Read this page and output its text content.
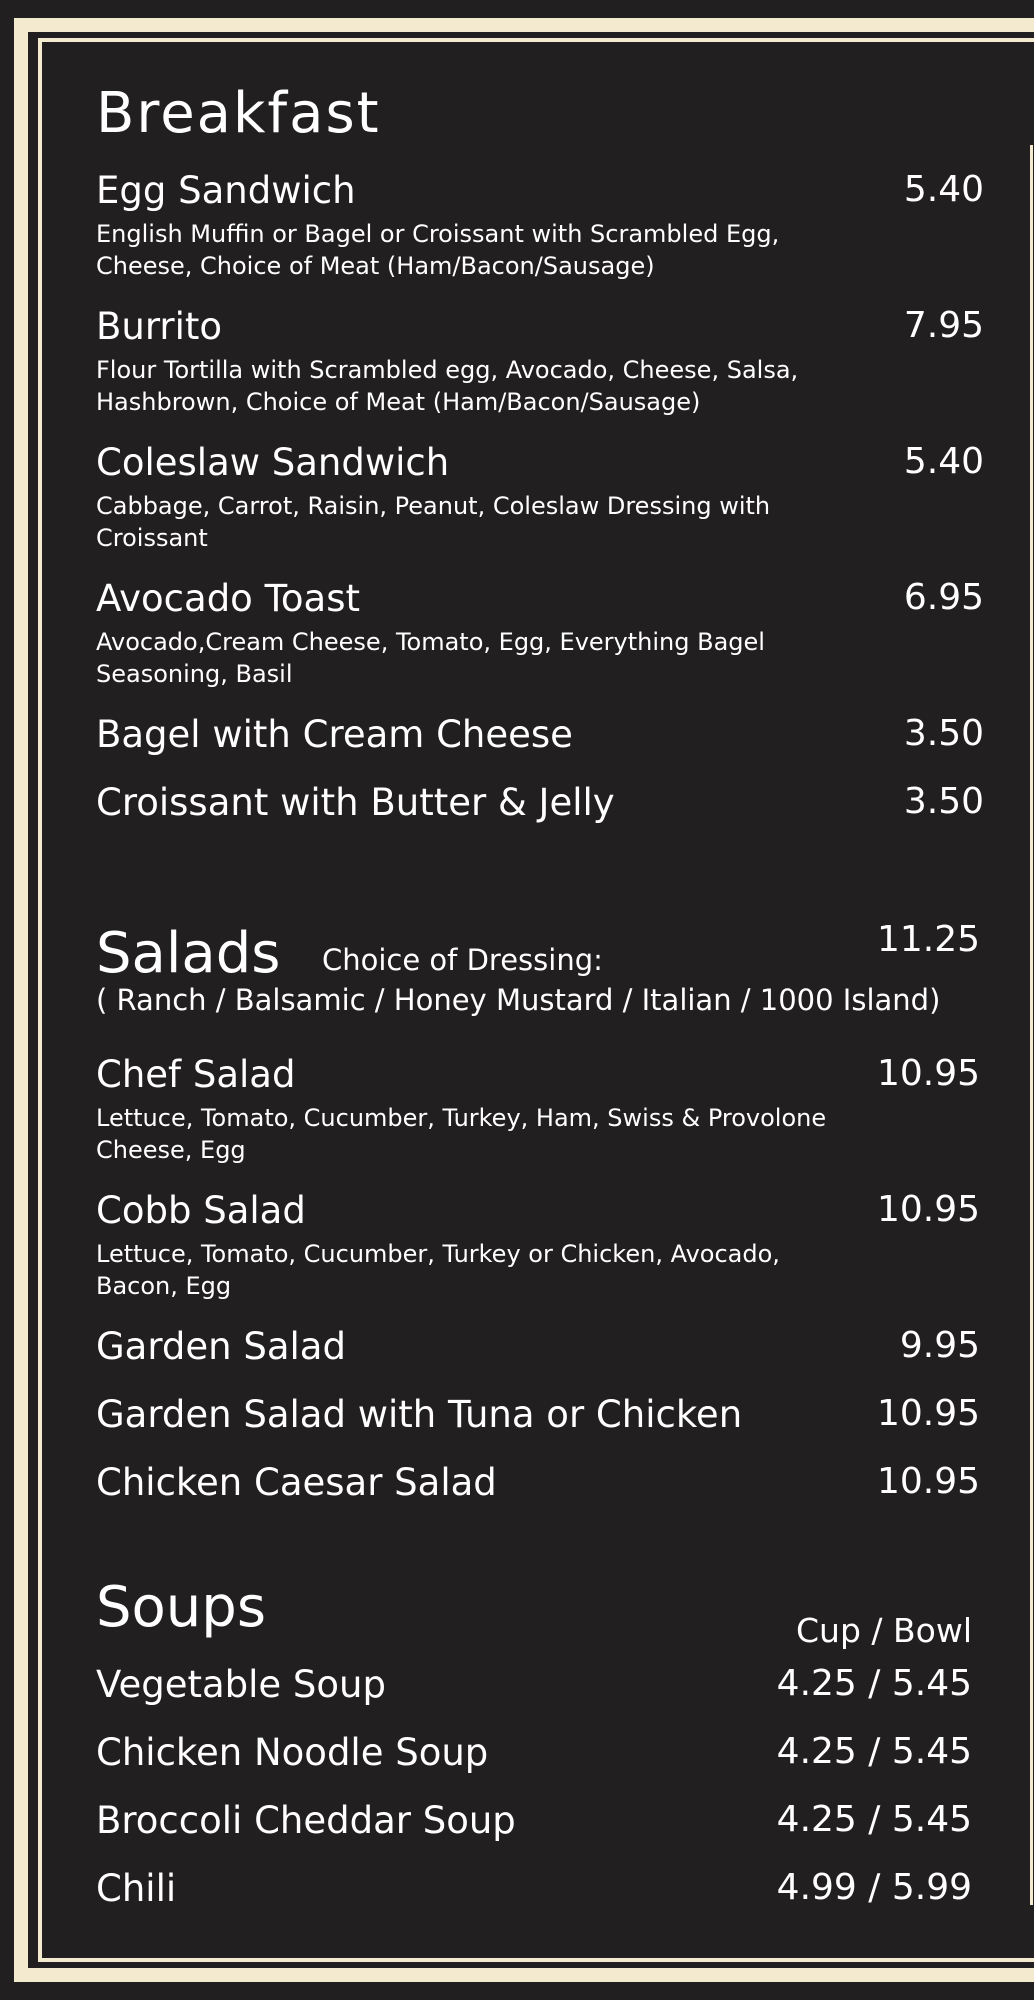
Breakfast
Egg Sandwich	5.40
English Muffin or Bagel or Croissant with Scrambled Egg,
Cheese, Choice of Meat (Ham/Bacon/Sausage)
Burrito	7.95
Flour Tortilla with Scrambled egg, Avocado, Cheese, Salsa,
Hashbrown, Choice of Meat (Ham/Bacon/Sausage)
Coleslaw Sandwich	5.40
Cabbage, Carrot, Raisin, Peanut, Coleslaw Dressing with
Croissant
Avocado Toast	6.95
Avocado,Cream Cheese, Tomato, Egg, Everything Bagel
Seasoning, Basil
Bagel with Cream Cheese	3.50
Croissant with Butter & Jelly	3.50
Salads Choice of Dressing:
( Ranch / Balsamic / Honey Mustard / Italian / 1000 Island)
11.25
Chef Salad	10.95
Lettuce, Tomato, Cucumber, Turkey, Ham, Swiss & Provolone
Cheese, Egg
Cobb Salad	10.95
Lettuce, Tomato, Cucumber, Turkey or Chicken, Avocado,
Bacon, Egg
Garden Salad	9.95
Garden Salad with Tuna or Chicken	10.95
Chicken Caesar Salad	10.95
Soups	Cup / Bowl
Vegetable Soup	4.25 / 5.45
Chicken Noodle Soup	4.25 / 5.45
Broccoli Cheddar Soup	4.25 / 5.45
Chili	4.99 / 5.99
